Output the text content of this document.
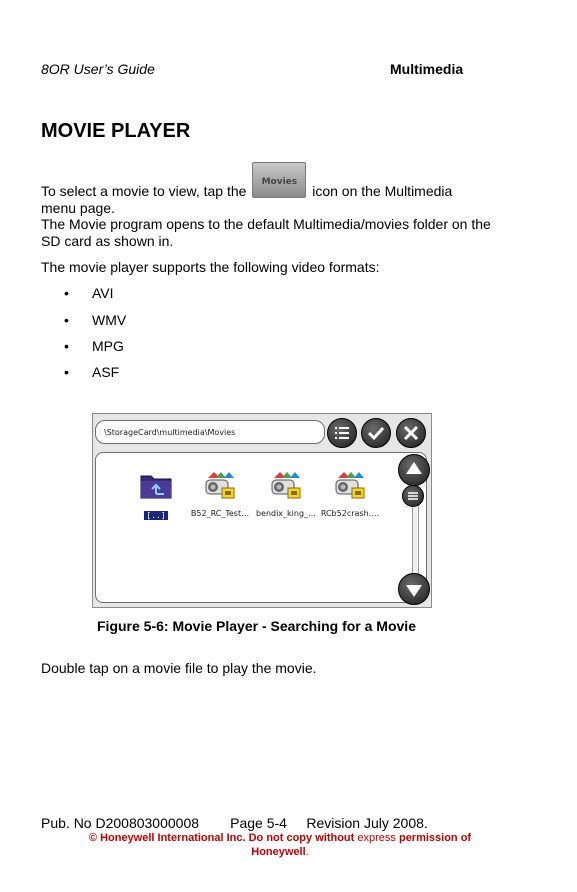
8OR User’s Guide	Multimedia
MOVIE PLAYER
To select a movie to view, tap the
Movies
icon on the Multimedia
menu page.
The Movie program opens to the default Multimedia/movies folder on the SD card as shown in.
The movie player supports the following video formats:
• AVI
• WMV
• MPG
• ASF
\StorageCard\multimedia\Movies
[..]	B52_RC_Test… bendix_king_… RCb52crash.…
Figure 5-6: Movie Player - Searching for a Movie
Double tap on a movie file to play the movie.
Pub. No D200803000008        Page 5-4     Revision July 2008.
© Honeywell International Inc. Do not copy without express permission of
Honeywell.
